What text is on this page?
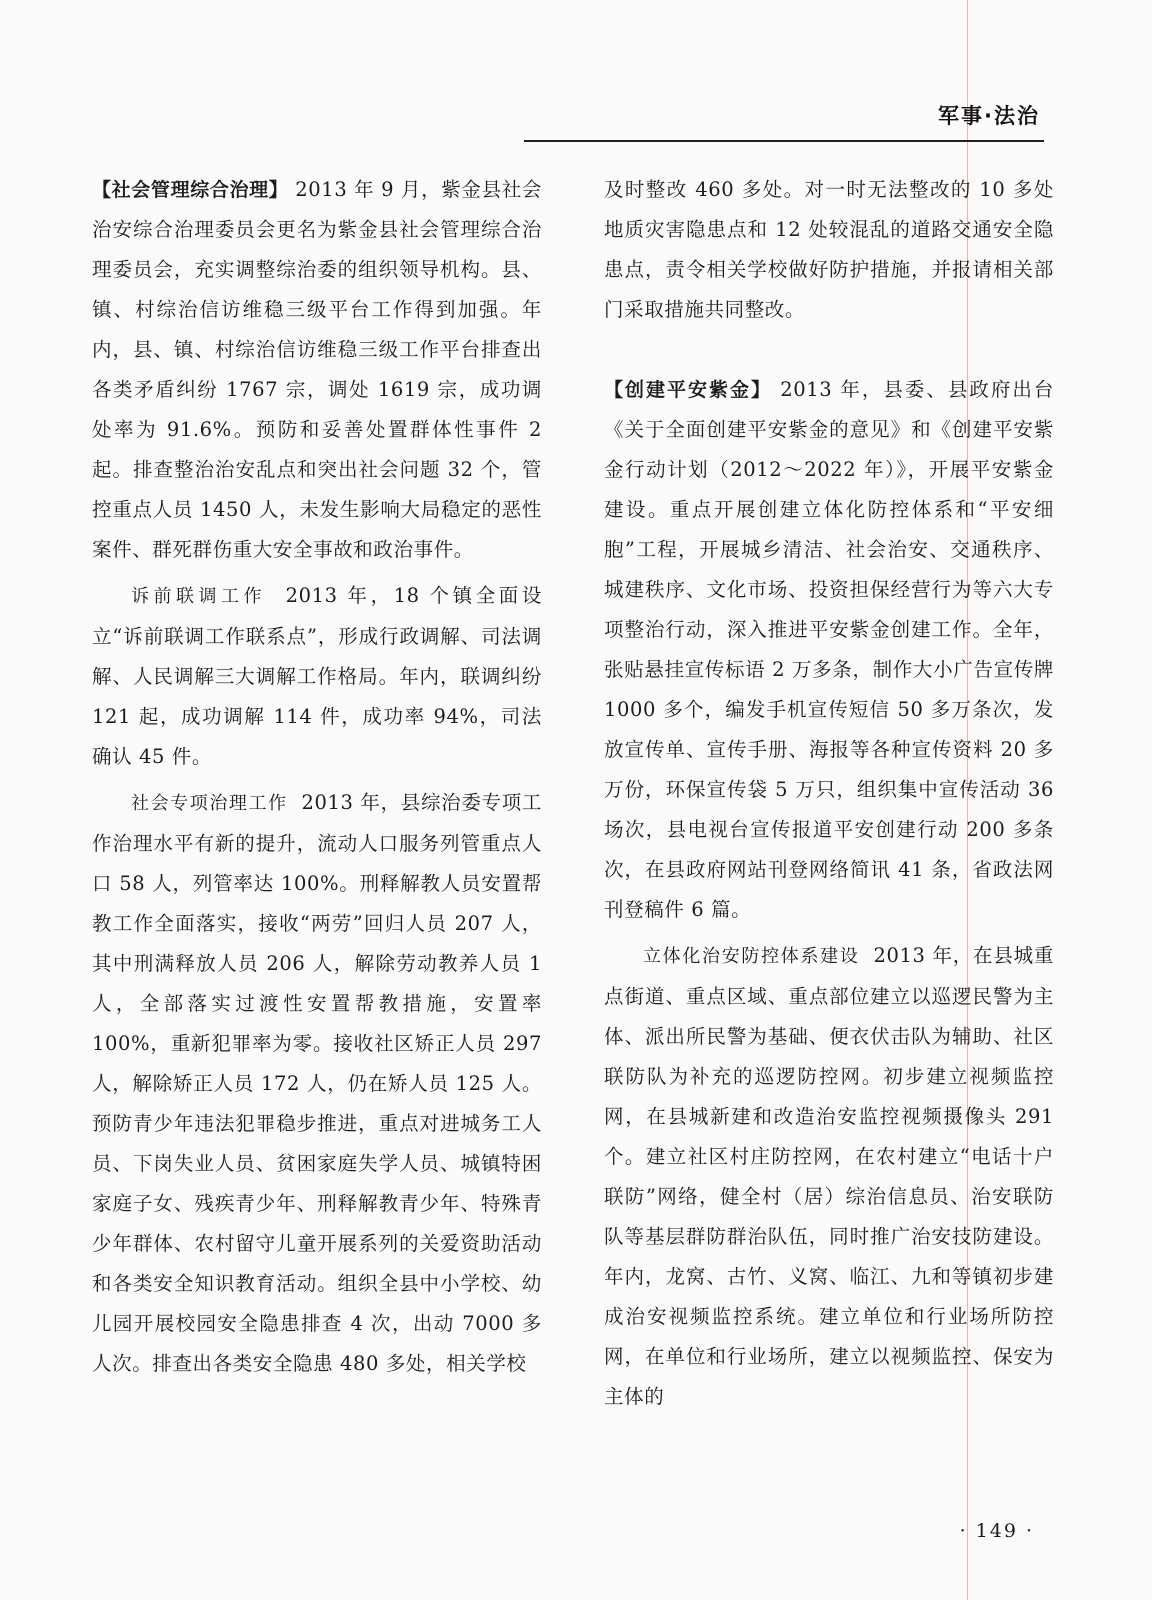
军事·法治

【社会管理综合治理】 2013 年 9 月，紫金县社会治安综合治理委员会更名为紫金县社会管理综合治理委员会，充实调整综治委的组织领导机构。县、镇、村综治信访维稳三级平台工作得到加强。年内，县、镇、村综治信访维稳三级工作平台排查出各类矛盾纠纷 1767 宗，调处 1619 宗，成功调处率为 91.6%。预防和妥善处置群体性事件 2 起。排查整治治安乱点和突出社会问题 32 个，管控重点人员 1450 人，未发生影响大局稳定的恶性案件、群死群伤重大安全事故和政治事件。

诉前联调工作 2013 年，18 个镇全面设立“诉前联调工作联系点”，形成行政调解、司法调解、人民调解三大调解工作格局。年内，联调纠纷 121 起，成功调解 114 件，成功率 94%，司法确认 45 件。

社会专项治理工作 2013 年，县综治委专项工作治理水平有新的提升，流动人口服务列管重点人口 58 人，列管率达 100%。刑释解教人员安置帮教工作全面落实，接收“两劳”回归人员 207 人，其中刑满释放人员 206 人，解除劳动教养人员 1 人，全部落实过渡性安置帮教措施，安置率 100%，重新犯罪率为零。接收社区矫正人员 297 人，解除矫正人员 172 人，仍在矫人员 125 人。预防青少年违法犯罪稳步推进，重点对进城务工人员、下岗失业人员、贫困家庭失学人员、城镇特困家庭子女、残疾青少年、刑释解教青少年、特殊青少年群体、农村留守儿童开展系列的关爱资助活动和各类安全知识教育活动。组织全县中小学校、幼儿园开展校园安全隐患排查 4 次，出动 7000 多人次。排查出各类安全隐患 480 多处，相关学校

及时整改 460 多处。对一时无法整改的 10 多处地质灾害隐患点和 12 处较混乱的道路交通安全隐患点，责令相关学校做好防护措施，并报请相关部门采取措施共同整改。

【创建平安紫金】 2013 年，县委、县政府出台《关于全面创建平安紫金的意见》和《创建平安紫金行动计划（2012～2022 年）》，开展平安紫金建设。重点开展创建立体化防控体系和“平安细胞”工程，开展城乡清洁、社会治安、交通秩序、城建秩序、文化市场、投资担保经营行为等六大专项整治行动，深入推进平安紫金创建工作。全年，张贴悬挂宣传标语 2 万多条，制作大小广告宣传牌 1000 多个，编发手机宣传短信 50 多万条次，发放宣传单、宣传手册、海报等各种宣传资料 20 多万份，环保宣传袋 5 万只，组织集中宣传活动 36 场次，县电视台宣传报道平安创建行动 200 多条次，在县政府网站刊登网络简讯 41 条，省政法网刊登稿件 6 篇。

立体化治安防控体系建设 2013 年，在县城重点街道、重点区域、重点部位建立以巡逻民警为主体、派出所民警为基础、便衣伏击队为辅助、社区联防队为补充的巡逻防控网。初步建立视频监控网，在县城新建和改造治安监控视频摄像头 291 个。建立社区村庄防控网，在农村建立“电话十户联防”网络，健全村（居）综治信息员、治安联防队等基层群防群治队伍，同时推广治安技防建设。年内，龙窝、古竹、义窝、临江、九和等镇初步建成治安视频监控系统。建立单位和行业场所防控网，在单位和行业场所，建立以视频监控、保安为主体的

· 149 ·
